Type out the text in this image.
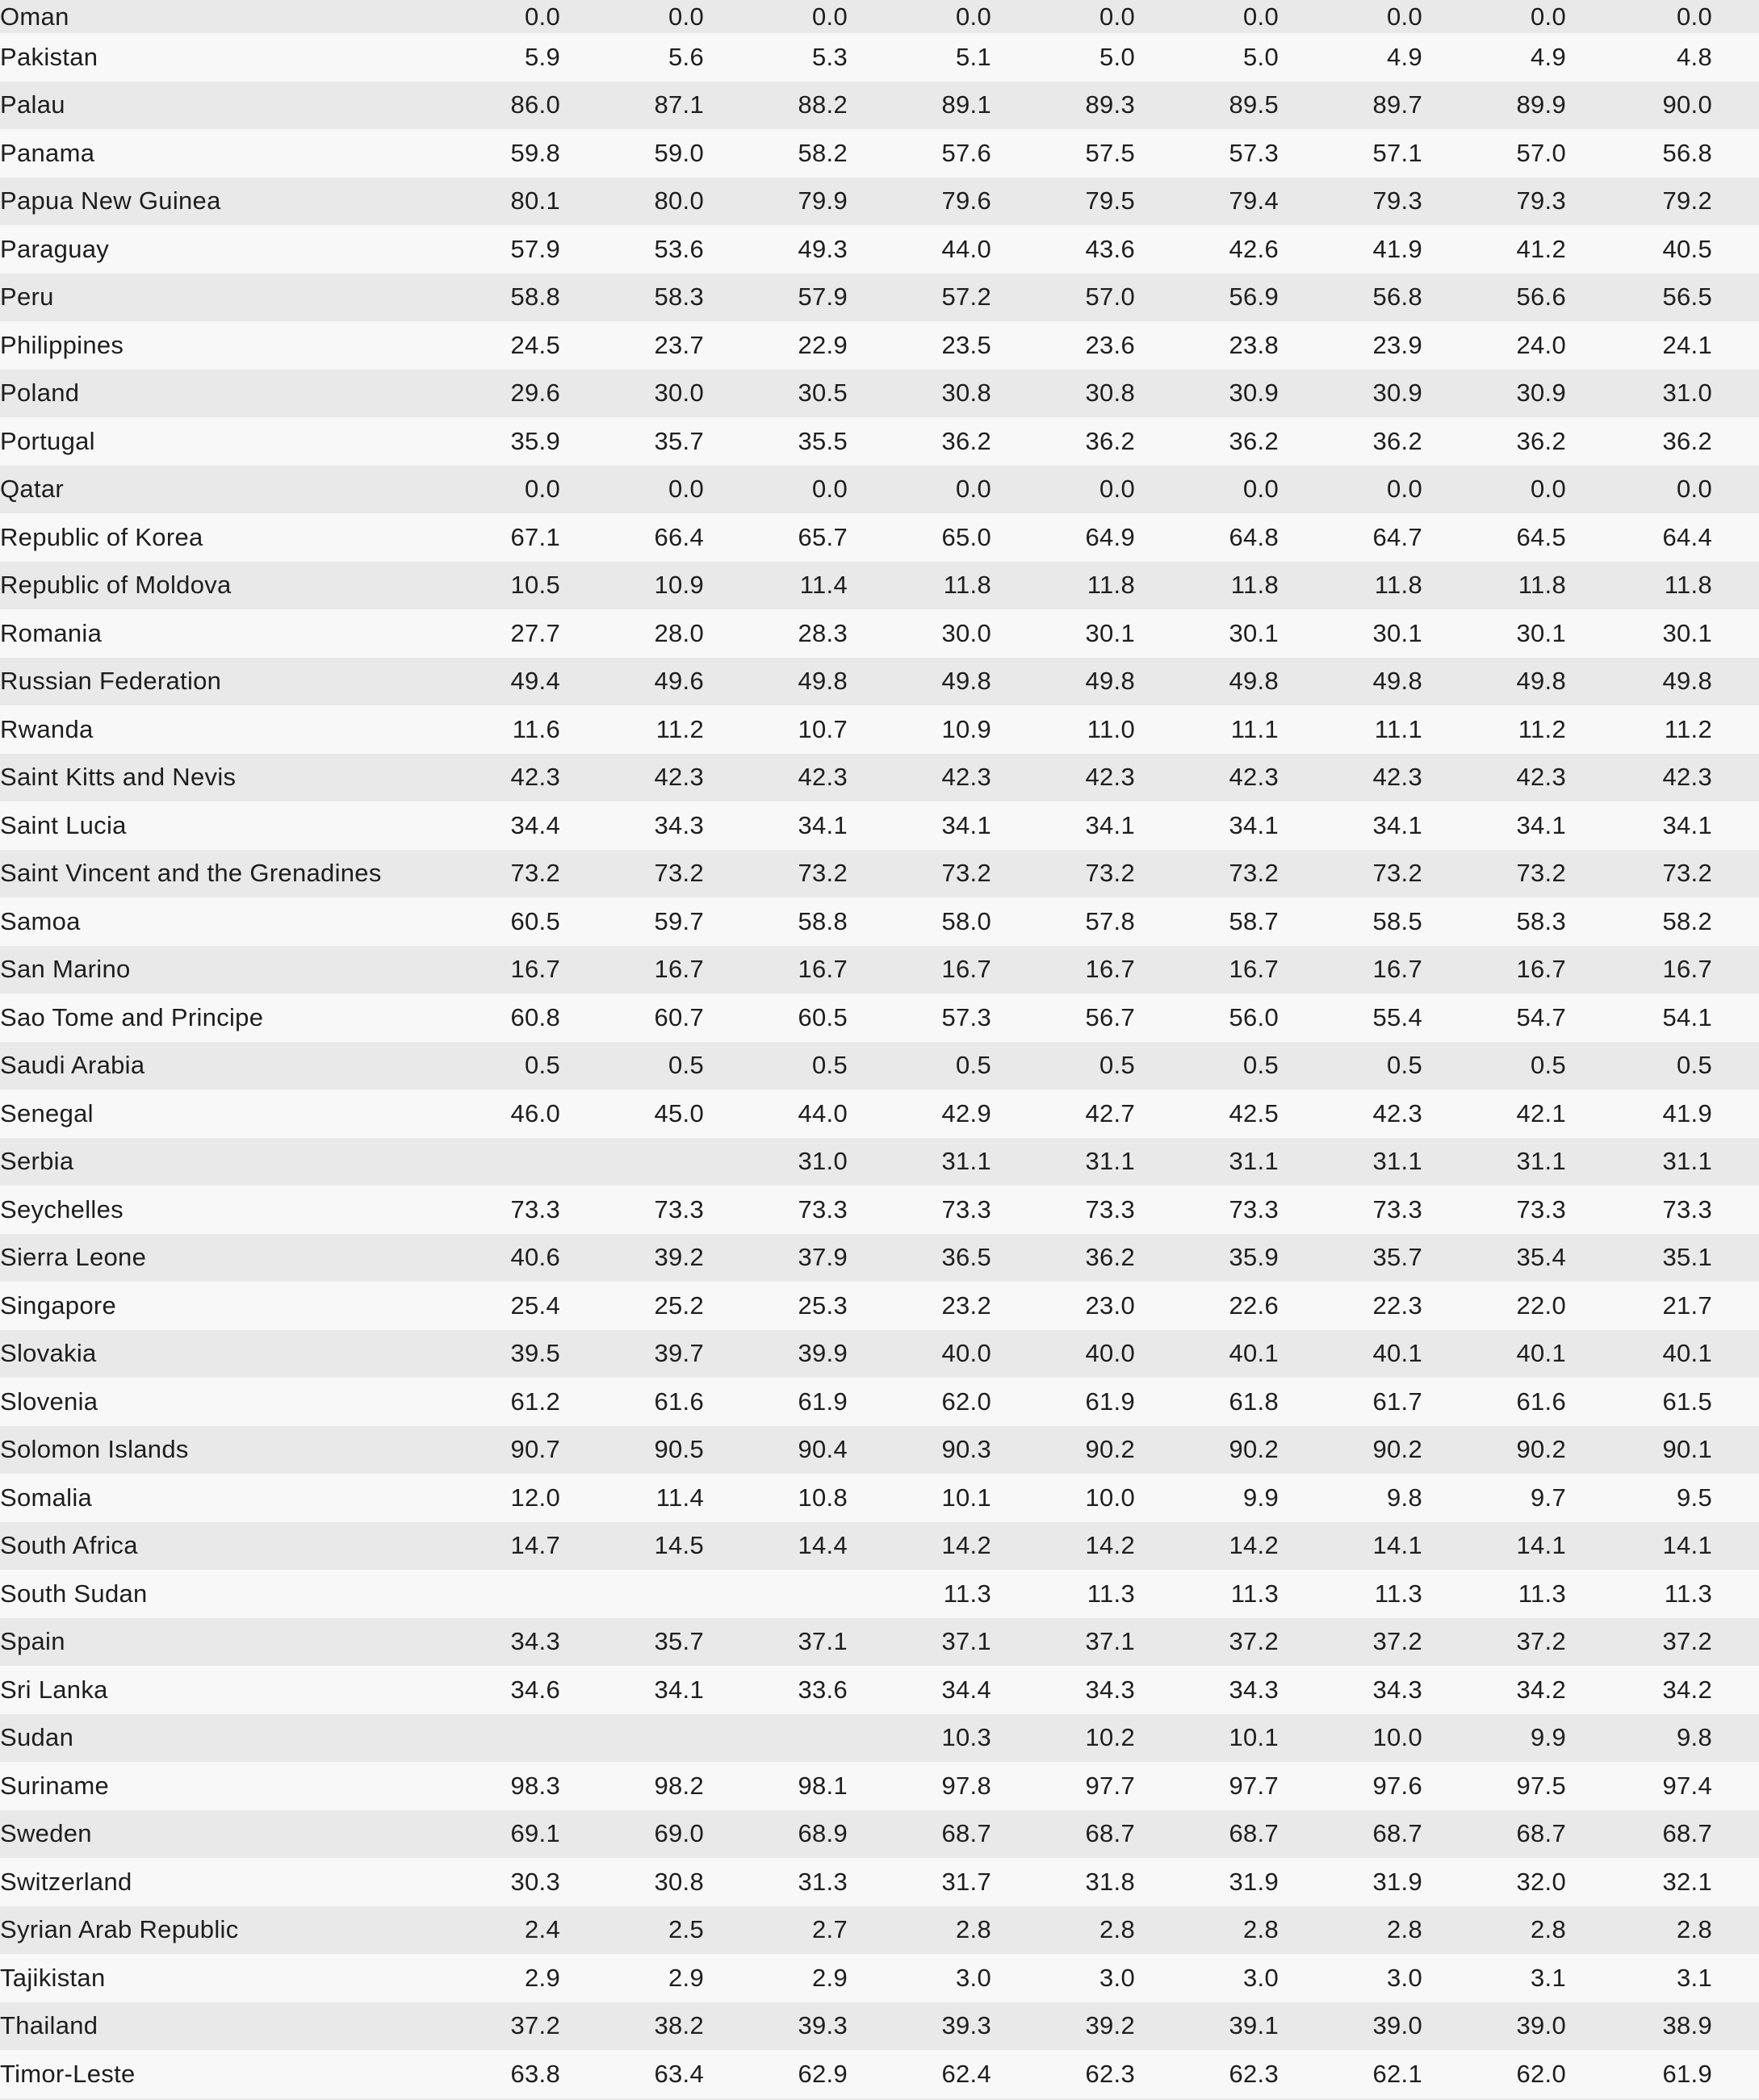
Oman	0.0	0.0	0.0	0.0	0.0	0.0	0.0	0.0	0.0
Pakistan	5.9	5.6	5.3	5.1	5.0	5.0	4.9	4.9	4.8
Palau	86.0	87.1	88.2	89.1	89.3	89.5	89.7	89.9	90.0
Panama	59.8	59.0	58.2	57.6	57.5	57.3	57.1	57.0	56.8
Papua New Guinea	80.1	80.0	79.9	79.6	79.5	79.4	79.3	79.3	79.2
Paraguay	57.9	53.6	49.3	44.0	43.6	42.6	41.9	41.2	40.5
Peru	58.8	58.3	57.9	57.2	57.0	56.9	56.8	56.6	56.5
Philippines	24.5	23.7	22.9	23.5	23.6	23.8	23.9	24.0	24.1
Poland	29.6	30.0	30.5	30.8	30.8	30.9	30.9	30.9	31.0
Portugal	35.9	35.7	35.5	36.2	36.2	36.2	36.2	36.2	36.2
Qatar	0.0	0.0	0.0	0.0	0.0	0.0	0.0	0.0	0.0
Republic of Korea	67.1	66.4	65.7	65.0	64.9	64.8	64.7	64.5	64.4
Republic of Moldova	10.5	10.9	11.4	11.8	11.8	11.8	11.8	11.8	11.8
Romania	27.7	28.0	28.3	30.0	30.1	30.1	30.1	30.1	30.1
Russian Federation	49.4	49.6	49.8	49.8	49.8	49.8	49.8	49.8	49.8
Rwanda	11.6	11.2	10.7	10.9	11.0	11.1	11.1	11.2	11.2
Saint Kitts and Nevis	42.3	42.3	42.3	42.3	42.3	42.3	42.3	42.3	42.3
Saint Lucia	34.4	34.3	34.1	34.1	34.1	34.1	34.1	34.1	34.1
Saint Vincent and the Grenadines	73.2	73.2	73.2	73.2	73.2	73.2	73.2	73.2	73.2
Samoa	60.5	59.7	58.8	58.0	57.8	58.7	58.5	58.3	58.2
San Marino	16.7	16.7	16.7	16.7	16.7	16.7	16.7	16.7	16.7
Sao Tome and Principe	60.8	60.7	60.5	57.3	56.7	56.0	55.4	54.7	54.1
Saudi Arabia	0.5	0.5	0.5	0.5	0.5	0.5	0.5	0.5	0.5
Senegal	46.0	45.0	44.0	42.9	42.7	42.5	42.3	42.1	41.9
Serbia			31.0	31.1	31.1	31.1	31.1	31.1	31.1
Seychelles	73.3	73.3	73.3	73.3	73.3	73.3	73.3	73.3	73.3
Sierra Leone	40.6	39.2	37.9	36.5	36.2	35.9	35.7	35.4	35.1
Singapore	25.4	25.2	25.3	23.2	23.0	22.6	22.3	22.0	21.7
Slovakia	39.5	39.7	39.9	40.0	40.0	40.1	40.1	40.1	40.1
Slovenia	61.2	61.6	61.9	62.0	61.9	61.8	61.7	61.6	61.5
Solomon Islands	90.7	90.5	90.4	90.3	90.2	90.2	90.2	90.2	90.1
Somalia	12.0	11.4	10.8	10.1	10.0	9.9	9.8	9.7	9.5
South Africa	14.7	14.5	14.4	14.2	14.2	14.2	14.1	14.1	14.1
South Sudan				11.3	11.3	11.3	11.3	11.3	11.3
Spain	34.3	35.7	37.1	37.1	37.1	37.2	37.2	37.2	37.2
Sri Lanka	34.6	34.1	33.6	34.4	34.3	34.3	34.3	34.2	34.2
Sudan				10.3	10.2	10.1	10.0	9.9	9.8
Suriname	98.3	98.2	98.1	97.8	97.7	97.7	97.6	97.5	97.4
Sweden	69.1	69.0	68.9	68.7	68.7	68.7	68.7	68.7	68.7
Switzerland	30.3	30.8	31.3	31.7	31.8	31.9	31.9	32.0	32.1
Syrian Arab Republic	2.4	2.5	2.7	2.8	2.8	2.8	2.8	2.8	2.8
Tajikistan	2.9	2.9	2.9	3.0	3.0	3.0	3.0	3.1	3.1
Thailand	37.2	38.2	39.3	39.3	39.2	39.1	39.0	39.0	38.9
Timor-Leste	63.8	63.4	62.9	62.4	62.3	62.3	62.1	62.0	61.9
